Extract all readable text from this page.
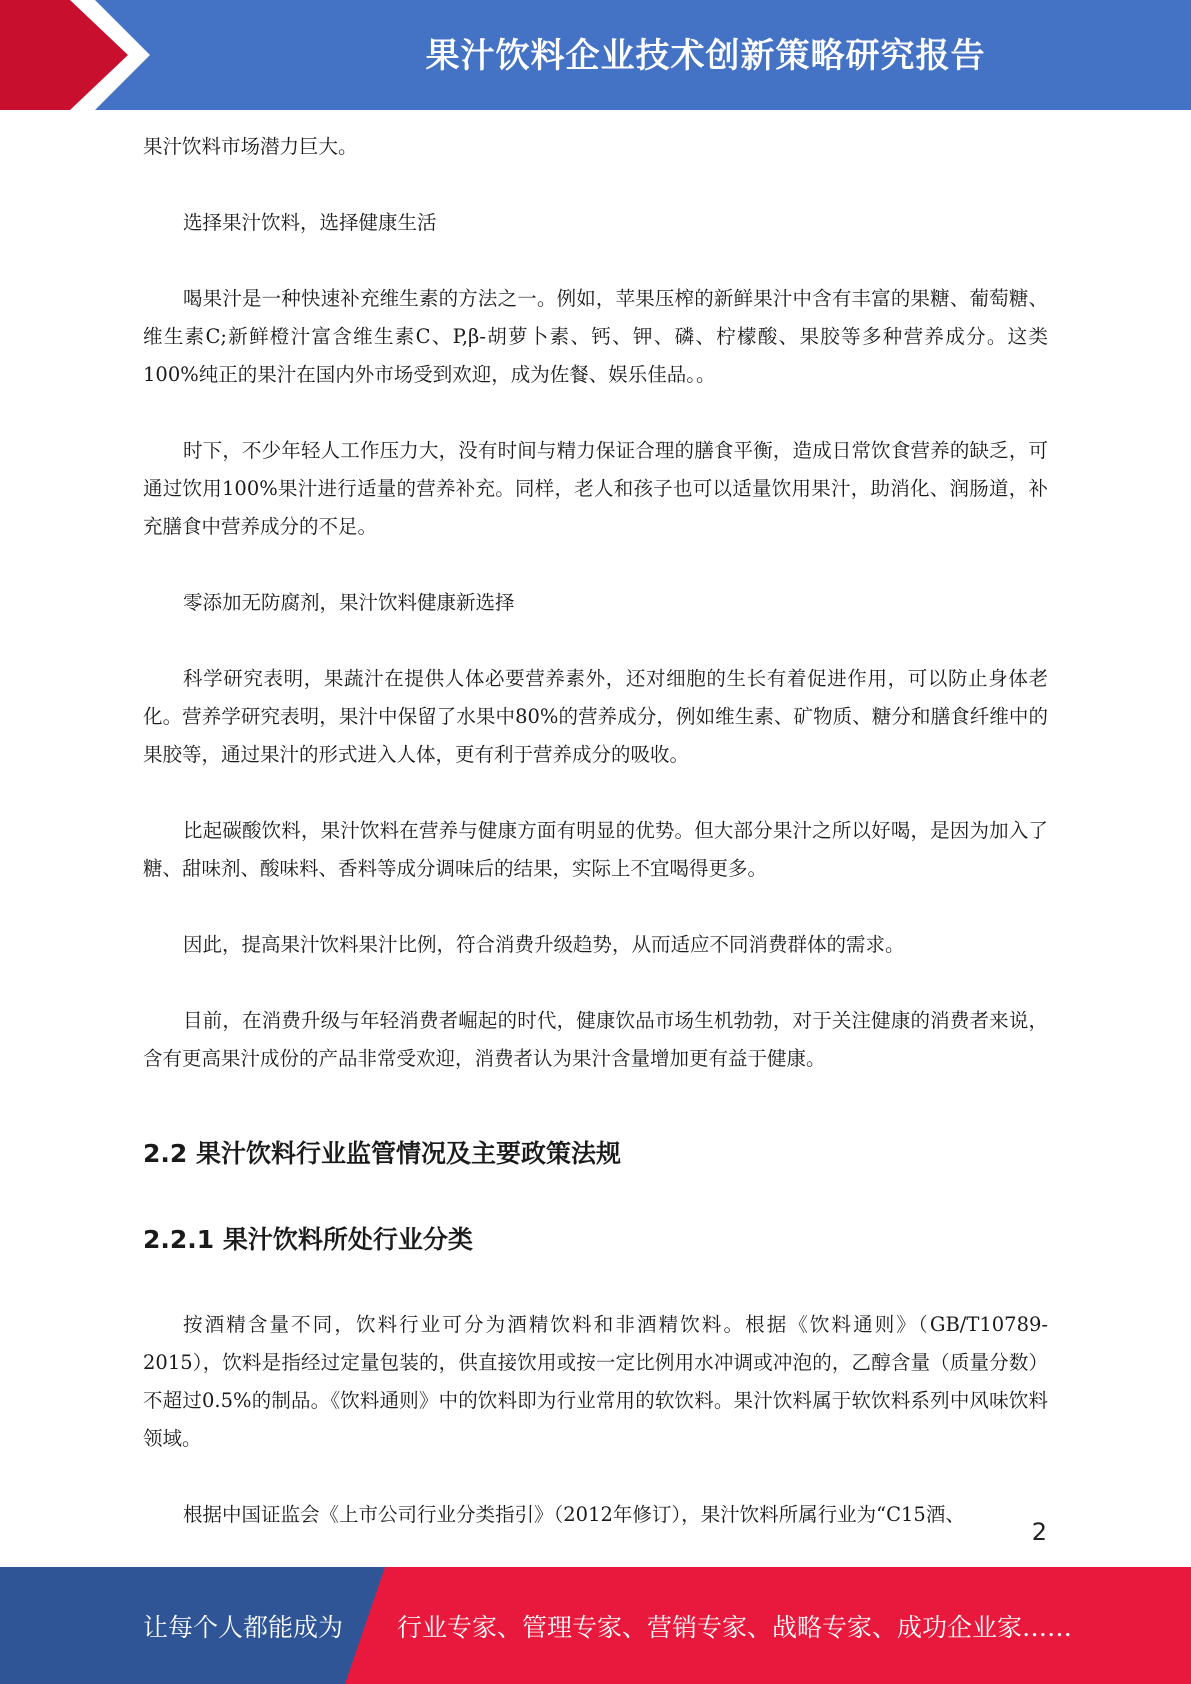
果汁饮料企业技术创新策略研究报告

果汁饮料市场潜力巨大。

选择果汁饮料，选择健康生活

喝果汁是一种快速补充维生素的方法之一。例如，苹果压榨的新鲜果汁中含有丰富的果糖、葡萄糖、维生素C;新鲜橙汁富含维生素C、P,β-胡萝卜素、钙、钾、磷、柠檬酸、果胶等多种营养成分。这类100%纯正的果汁在国内外市场受到欢迎，成为佐餐、娱乐佳品。。

时下，不少年轻人工作压力大，没有时间与精力保证合理的膳食平衡，造成日常饮食营养的缺乏，可通过饮用100%果汁进行适量的营养补充。同样，老人和孩子也可以适量饮用果汁，助消化、润肠道，补充膳食中营养成分的不足。

零添加无防腐剂，果汁饮料健康新选择

科学研究表明，果蔬汁在提供人体必要营养素外，还对细胞的生长有着促进作用，可以防止身体老化。营养学研究表明，果汁中保留了水果中80%的营养成分，例如维生素、矿物质、糖分和膳食纤维中的果胶等，通过果汁的形式进入人体，更有利于营养成分的吸收。

比起碳酸饮料，果汁饮料在营养与健康方面有明显的优势。但大部分果汁之所以好喝，是因为加入了糖、甜味剂、酸味料、香料等成分调味后的结果，实际上不宜喝得更多。

因此，提高果汁饮料果汁比例，符合消费升级趋势，从而适应不同消费群体的需求。

目前，在消费升级与年轻消费者崛起的时代，健康饮品市场生机勃勃，对于关注健康的消费者来说，含有更高果汁成份的产品非常受欢迎，消费者认为果汁含量增加更有益于健康。

2.2 果汁饮料行业监管情况及主要政策法规
2.2.1 果汁饮料所处行业分类

按酒精含量不同，饮料行业可分为酒精饮料和非酒精饮料。根据《饮料通则》（GB/T10789-2015），饮料是指经过定量包装的，供直接饮用或按一定比例用水冲调或冲泡的，乙醇含量（质量分数）不超过0.5%的制品。《饮料通则》中的饮料即为行业常用的软饮料。果汁饮料属于软饮料系列中风味饮料领域。

根据中国证监会《上市公司行业分类指引》（2012年修订），果汁饮料所属行业为“C15酒、

2
让每个人都能成为 行业专家、管理专家、营销专家、战略专家、成功企业家……
